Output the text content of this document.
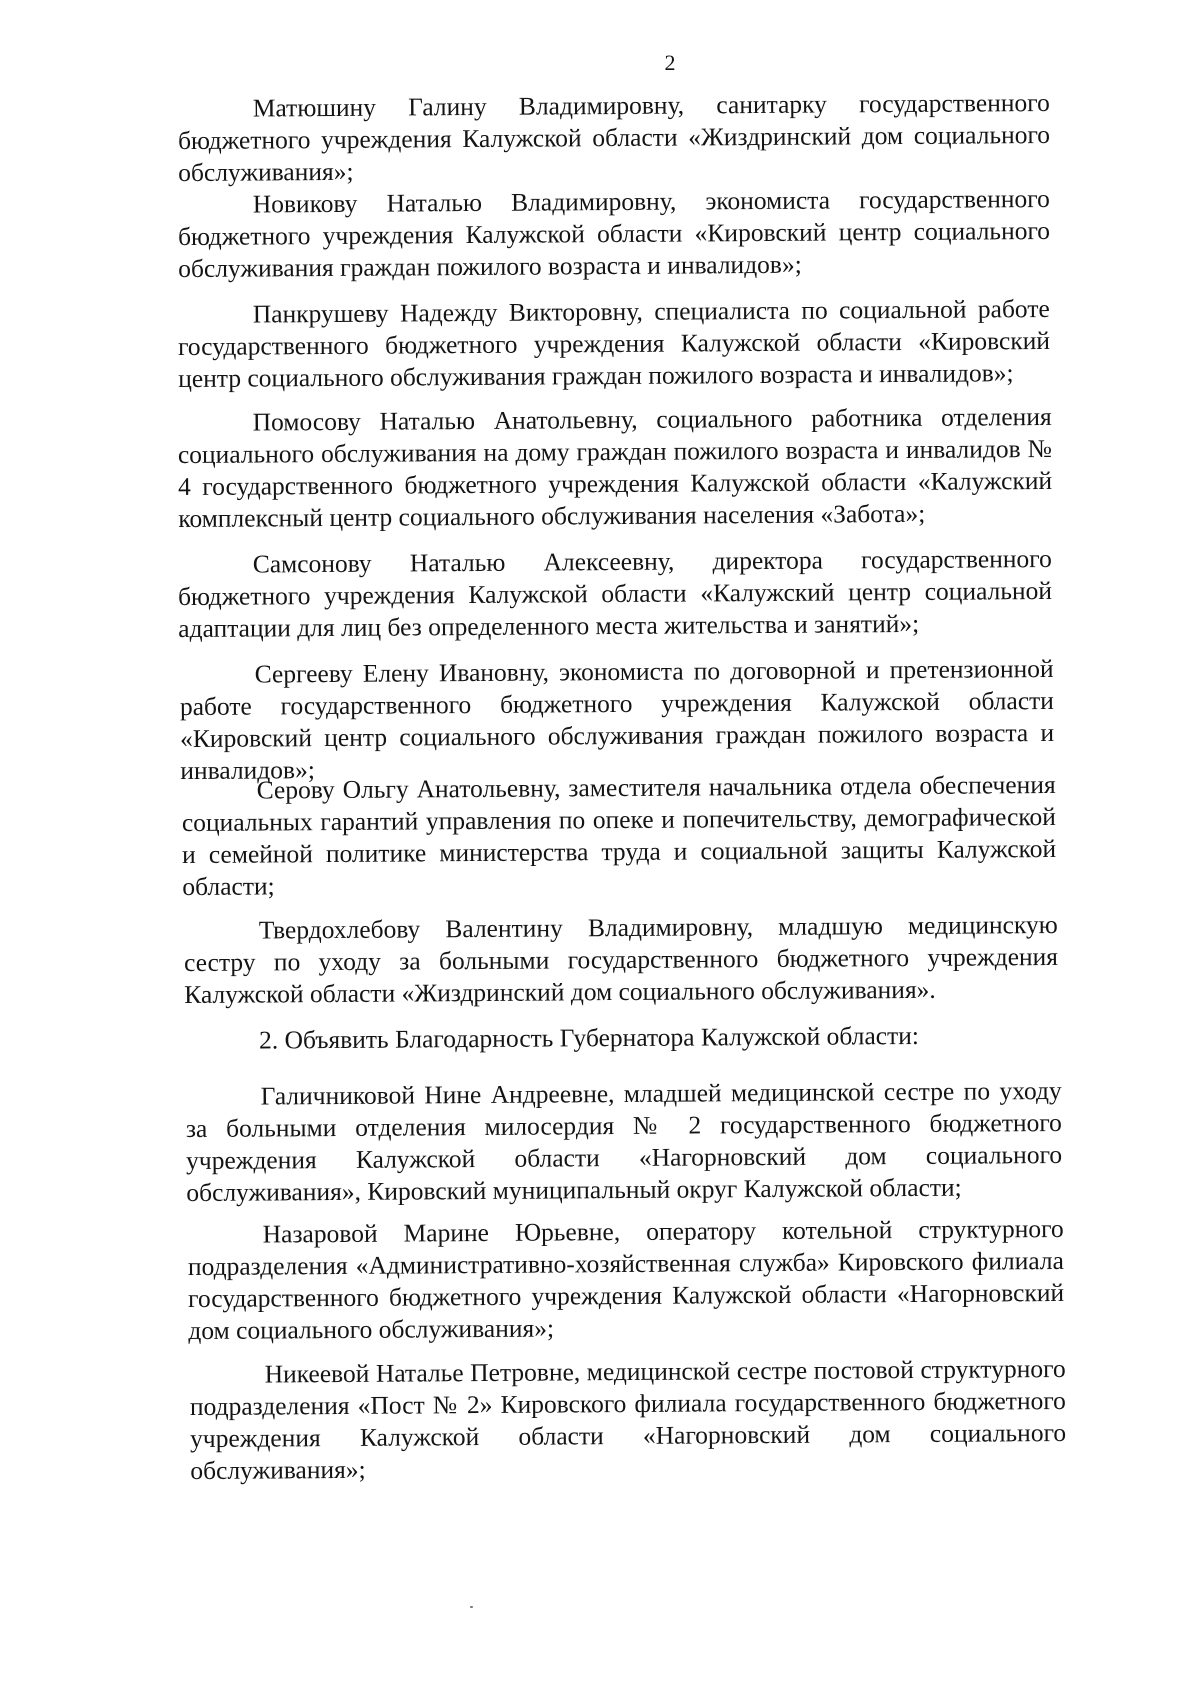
2

Матюшину Галину Владимировну, санитарку государственного бюджетного учреждения Калужской области «Жиздринский дом социального обслуживания»;

Новикову Наталью Владимировну, экономиста государственного бюджетного учреждения Калужской области «Кировский центр социального обслуживания граждан пожилого возраста и инвалидов»;

Панкрушеву Надежду Викторовну, специалиста по социальной работе государственного бюджетного учреждения Калужской области «Кировский центр социального обслуживания граждан пожилого возраста и инвалидов»;

Помосову Наталью Анатольевну, социального работника отделения социального обслуживания на дому граждан пожилого возраста и инвалидов № 4 государственного бюджетного учреждения Калужской области «Калужский комплексный центр социального обслуживания населения «Забота»;

Самсонову Наталью Алексеевну, директора государственного бюджетного учреждения Калужской области «Калужский центр социальной адаптации для лиц без определенного места жительства и занятий»;

Сергееву Елену Ивановну, экономиста по договорной и претензионной работе государственного бюджетного учреждения Калужской области «Кировский центр социального обслуживания граждан пожилого возраста и инвалидов»;

Серову Ольгу Анатольевну, заместителя начальника отдела обеспечения социальных гарантий управления по опеке и попечительству, демографической и семейной политике министерства труда и социальной защиты Калужской области;

Твердохлебову Валентину Владимировну, младшую медицинскую сестру по уходу за больными государственного бюджетного учреждения Калужской области «Жиздринский дом социального обслуживания».

2. Объявить Благодарность Губернатора Калужской области:

Галичниковой Нине Андреевне, младшей медицинской сестре по уходу за больными отделения милосердия № 2 государственного бюджетного учреждения Калужской области «Нагорновский дом социального обслуживания», Кировский муниципальный округ Калужской области;

Назаровой Марине Юрьевне, оператору котельной структурного подразделения «Административно-хозяйственная служба» Кировского филиала государственного бюджетного учреждения Калужской области «Нагорновский дом социального обслуживания»;

Никеевой Наталье Петровне, медицинской сестре постовой структурного подразделения «Пост № 2» Кировского филиала государственного бюджетного учреждения Калужской области «Нагорновский дом социального обслуживания»;
